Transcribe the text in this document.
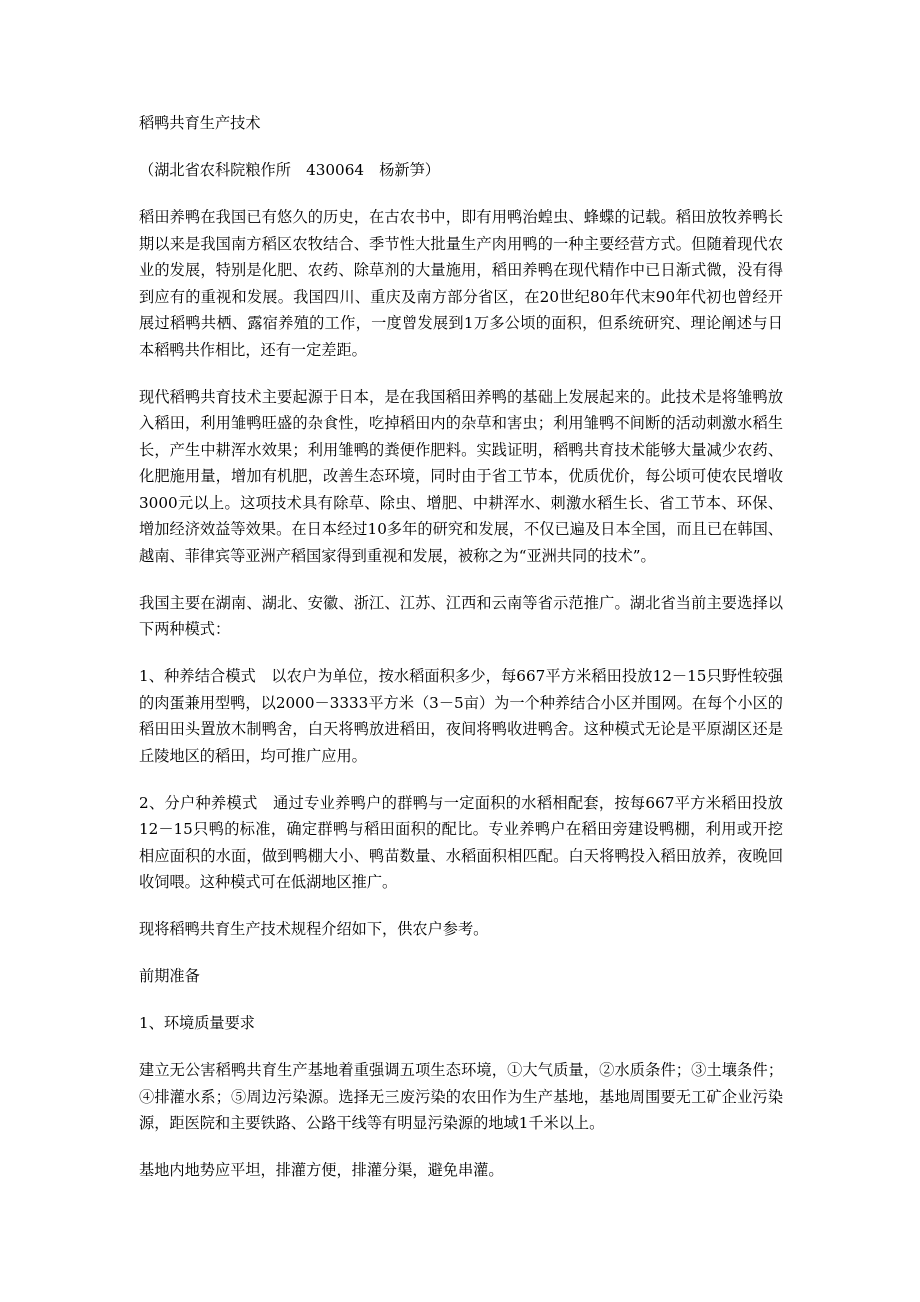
稻鸭共育生产技术

（湖北省农科院粮作所　430064　杨新笋）

稻田养鸭在我国已有悠久的历史，在古农书中，即有用鸭治蝗虫、蜂蝶的记载。稻田放牧养鸭长期以来是我国南方稻区农牧结合、季节性大批量生产肉用鸭的一种主要经营方式。但随着现代农业的发展，特别是化肥、农药、除草剂的大量施用，稻田养鸭在现代精作中已日渐式微，没有得到应有的重视和发展。我国四川、重庆及南方部分省区，在20世纪80年代末90年代初也曾经开展过稻鸭共栖、露宿养殖的工作，一度曾发展到1万多公顷的面积，但系统研究、理论阐述与日本稻鸭共作相比，还有一定差距。

现代稻鸭共育技术主要起源于日本，是在我国稻田养鸭的基础上发展起来的。此技术是将雏鸭放入稻田，利用雏鸭旺盛的杂食性，吃掉稻田内的杂草和害虫；利用雏鸭不间断的活动刺激水稻生长，产生中耕浑水效果；利用雏鸭的粪便作肥料。实践证明，稻鸭共育技术能够大量减少农药、化肥施用量，增加有机肥，改善生态环境，同时由于省工节本，优质优价，每公顷可使农民增收3000元以上。这项技术具有除草、除虫、增肥、中耕浑水、刺激水稻生长、省工节本、环保、增加经济效益等效果。在日本经过10多年的研究和发展，不仅已遍及日本全国，而且已在韩国、越南、菲律宾等亚洲产稻国家得到重视和发展，被称之为“亚洲共同的技术”。

我国主要在湖南、湖北、安徽、浙江、江苏、江西和云南等省示范推广。湖北省当前主要选择以下两种模式：

1、种养结合模式　以农户为单位，按水稻面积多少，每667平方米稻田投放12－15只野性较强的肉蛋兼用型鸭，以2000－3333平方米（3－5亩）为一个种养结合小区并围网。在每个小区的稻田田头置放木制鸭舍，白天将鸭放进稻田，夜间将鸭收进鸭舍。这种模式无论是平原湖区还是丘陵地区的稻田，均可推广应用。

2、分户种养模式　通过专业养鸭户的群鸭与一定面积的水稻相配套，按每667平方米稻田投放12－15只鸭的标准，确定群鸭与稻田面积的配比。专业养鸭户在稻田旁建设鸭棚，利用或开挖相应面积的水面，做到鸭棚大小、鸭苗数量、水稻面积相匹配。白天将鸭投入稻田放养，夜晚回收饲喂。这种模式可在低湖地区推广。

现将稻鸭共育生产技术规程介绍如下，供农户参考。

前期准备

1、环境质量要求

建立无公害稻鸭共育生产基地着重强调五项生态环境，①大气质量，②水质条件；③土壤条件；④排灌水系；⑤周边污染源。选择无三废污染的农田作为生产基地，基地周围要无工矿企业污染源，距医院和主要铁路、公路干线等有明显污染源的地域1千米以上。

基地内地势应平坦，排灌方便，排灌分渠，避免串灌。
